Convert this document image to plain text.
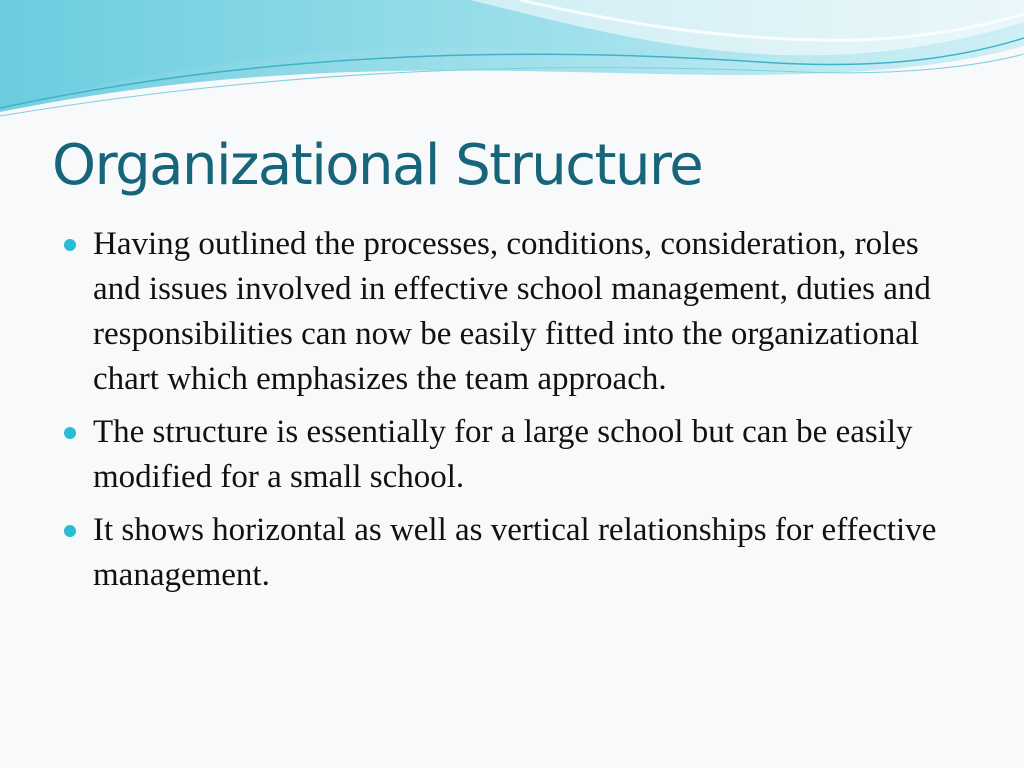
Organizational Structure
Having outlined the processes, conditions, consideration, roles and issues involved in effective school management, duties and responsibilities can now be easily fitted into the organizational chart which emphasizes the team approach.
The structure is essentially for a large school but can be easily modified for a small school.
It shows horizontal as well as vertical relationships for effective management.
